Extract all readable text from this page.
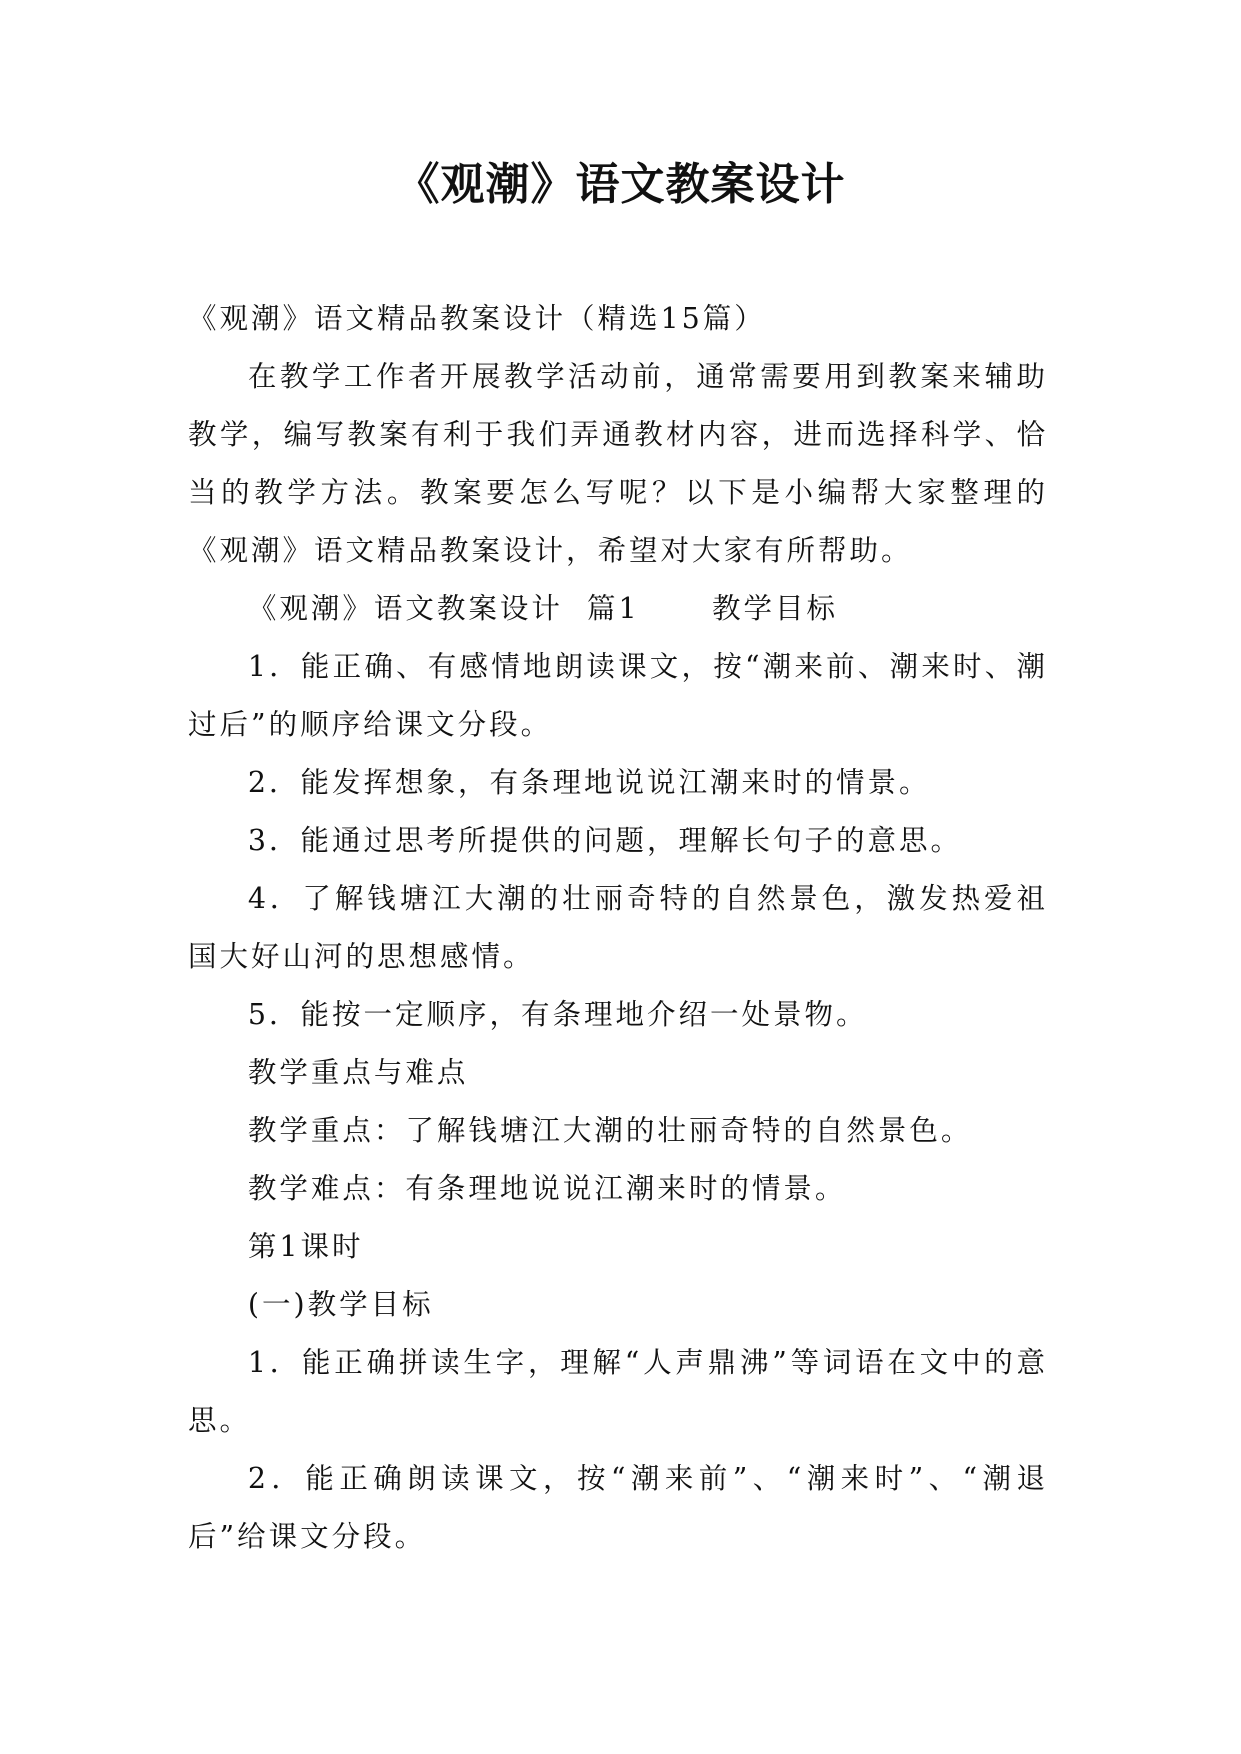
《观潮》语文教案设计

《观潮》语文精品教案设计（精选15篇）

在教学工作者开展教学活动前，通常需要用到教案来辅助教学，编写教案有利于我们弄通教材内容，进而选择科学、恰当的教学方法。教案要怎么写呢？以下是小编帮大家整理的《观潮》语文精品教案设计，希望对大家有所帮助。

《观潮》语文教案设计  篇1      教学目标

1．能正确、有感情地朗读课文，按“潮来前、潮来时、潮过后”的顺序给课文分段。

2．能发挥想象，有条理地说说江潮来时的情景。

3．能通过思考所提供的问题，理解长句子的意思。

4．了解钱塘江大潮的壮丽奇特的自然景色，激发热爱祖国大好山河的思想感情。

5．能按一定顺序，有条理地介绍一处景物。

教学重点与难点

教学重点：了解钱塘江大潮的壮丽奇特的自然景色。

教学难点：有条理地说说江潮来时的情景。

第1课时

(一)教学目标

1．能正确拼读生字，理解“人声鼎沸”等词语在文中的意思。

2．能正确朗读课文，按“潮来前”、“潮来时”、“潮退后”给课文分段。
